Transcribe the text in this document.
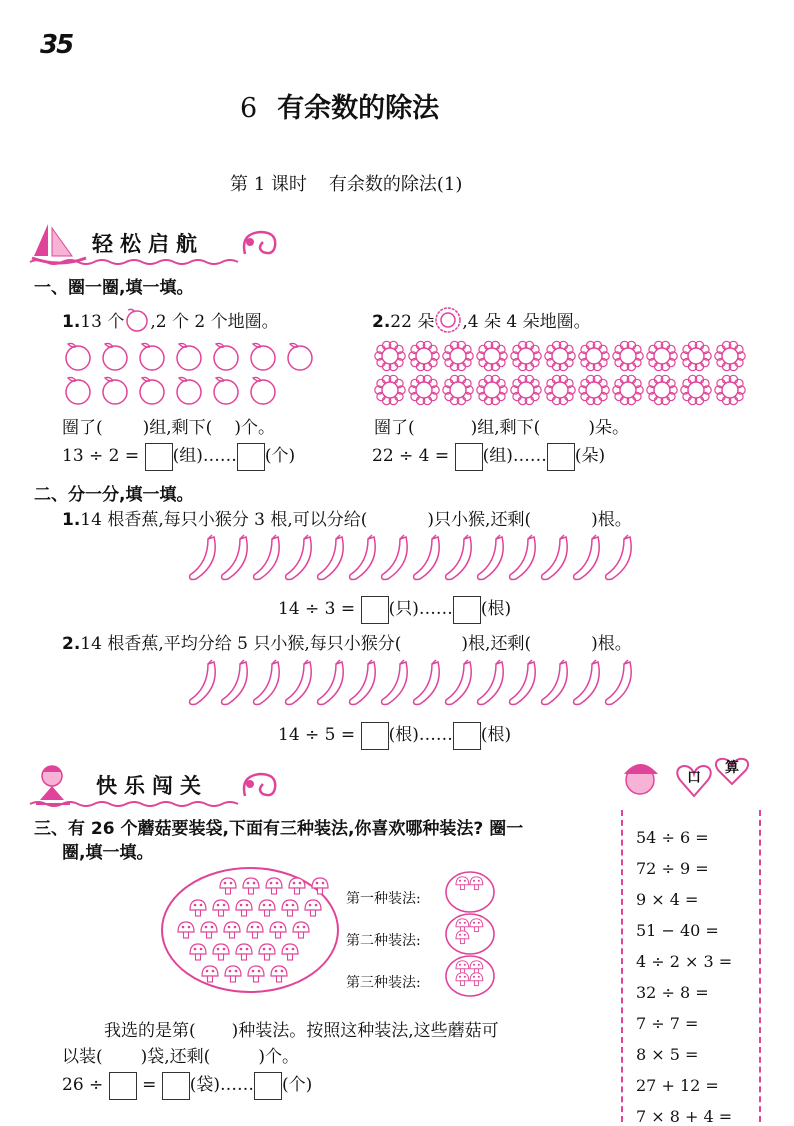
35
6 有余数的除法
第 1 课时 有余数的除法(1)
轻松启航
一、圈一圈,填一填。
1.13 个 ,2 个 2 个地圈。	2.22 朵 ,4 朵 4 朵地圈。
圈了( )组,剩下( )个。	圈了(	)组,剩下(	)朵。
13 ÷ 2 = (组)…… (个)	22 ÷ 4 = (组)…… (朵)
二、分一分,填一填。
1.14 根香蕉,每只小猴分 3 根,可以分给(	)只小猴,还剩(	)根。
14 ÷ 3 = (只)…… (根)
2.14 根香蕉,平均分给 5 只小猴,每只小猴分(	)根,还剩(	)根。
14 ÷ 5 = (根)…… (根)
快乐闯关
三、有 26 个蘑菇要装袋,下面有三种装法,你喜欢哪种装法? 圈一
圈,填一填。
第一种装法:
第二种装法:
第三种装法:
我选的是第( )种装法。按照这种装法,这些蘑菇可
以装( )袋,还剩(	)个。
26 ÷ = (袋)…… (个)
口
算
54 ÷ 6 =
72 ÷ 9 =
9 × 4 =
51 − 40 =
4 ÷ 2 × 3 =
32 ÷ 8 =
7 ÷ 7 =
8 × 5 =
27 + 12 =
7 × 8 + 4 =
